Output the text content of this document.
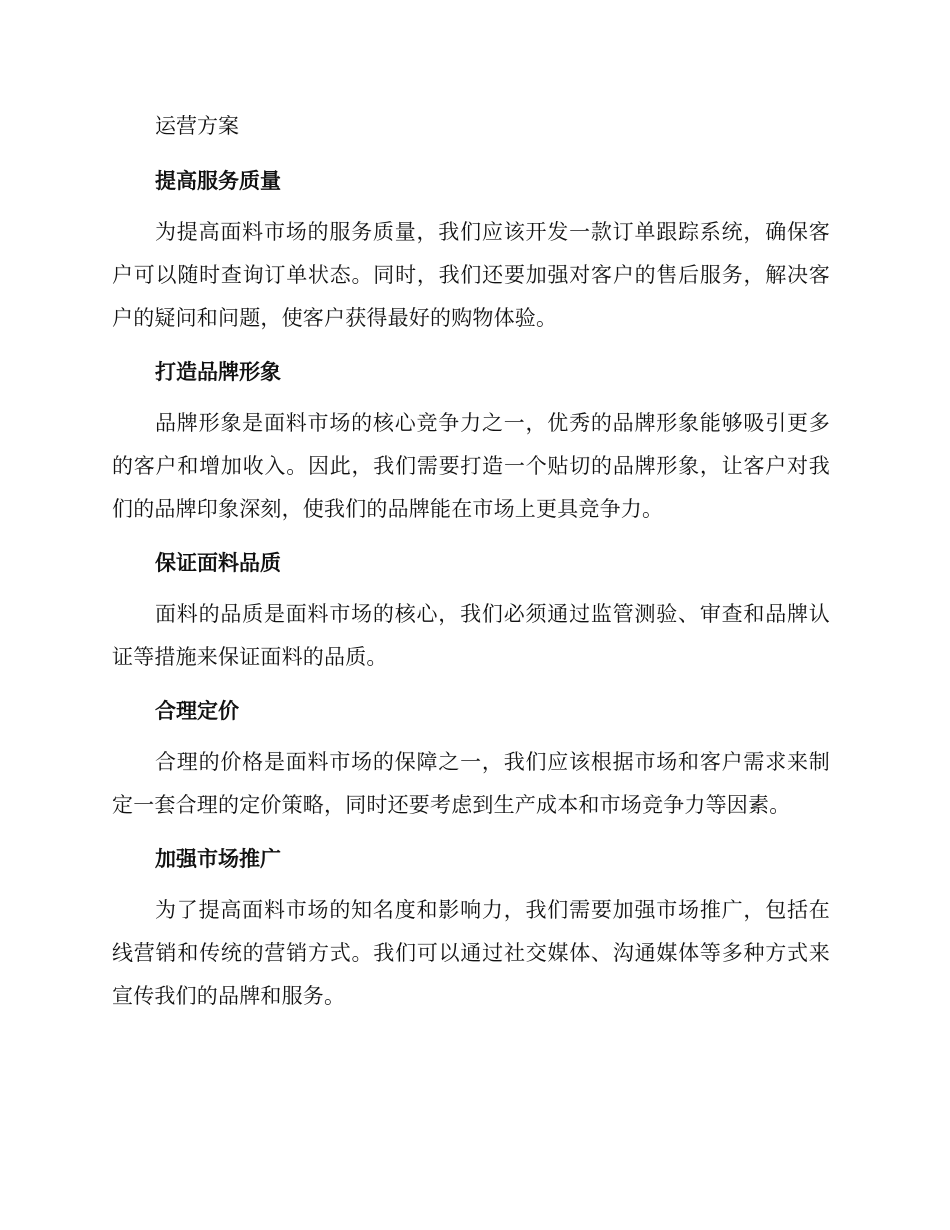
运营方案
提高服务质量

为提高面料市场的服务质量，我们应该开发一款订单跟踪系统，确保客户可以随时查询订单状态。同时，我们还要加强对客户的售后服务，解决客户的疑问和问题，使客户获得最好的购物体验。

打造品牌形象

品牌形象是面料市场的核心竞争力之一，优秀的品牌形象能够吸引更多的客户和增加收入。因此，我们需要打造一个贴切的品牌形象，让客户对我们的品牌印象深刻，使我们的品牌能在市场上更具竞争力。

保证面料品质

面料的品质是面料市场的核心，我们必须通过监管测验、审查和品牌认证等措施来保证面料的品质。

合理定价

合理的价格是面料市场的保障之一，我们应该根据市场和客户需求来制定一套合理的定价策略，同时还要考虑到生产成本和市场竞争力等因素。

加强市场推广

为了提高面料市场的知名度和影响力，我们需要加强市场推广，包括在线营销和传统的营销方式。我们可以通过社交媒体、沟通媒体等多种方式来宣传我们的品牌和服务。
